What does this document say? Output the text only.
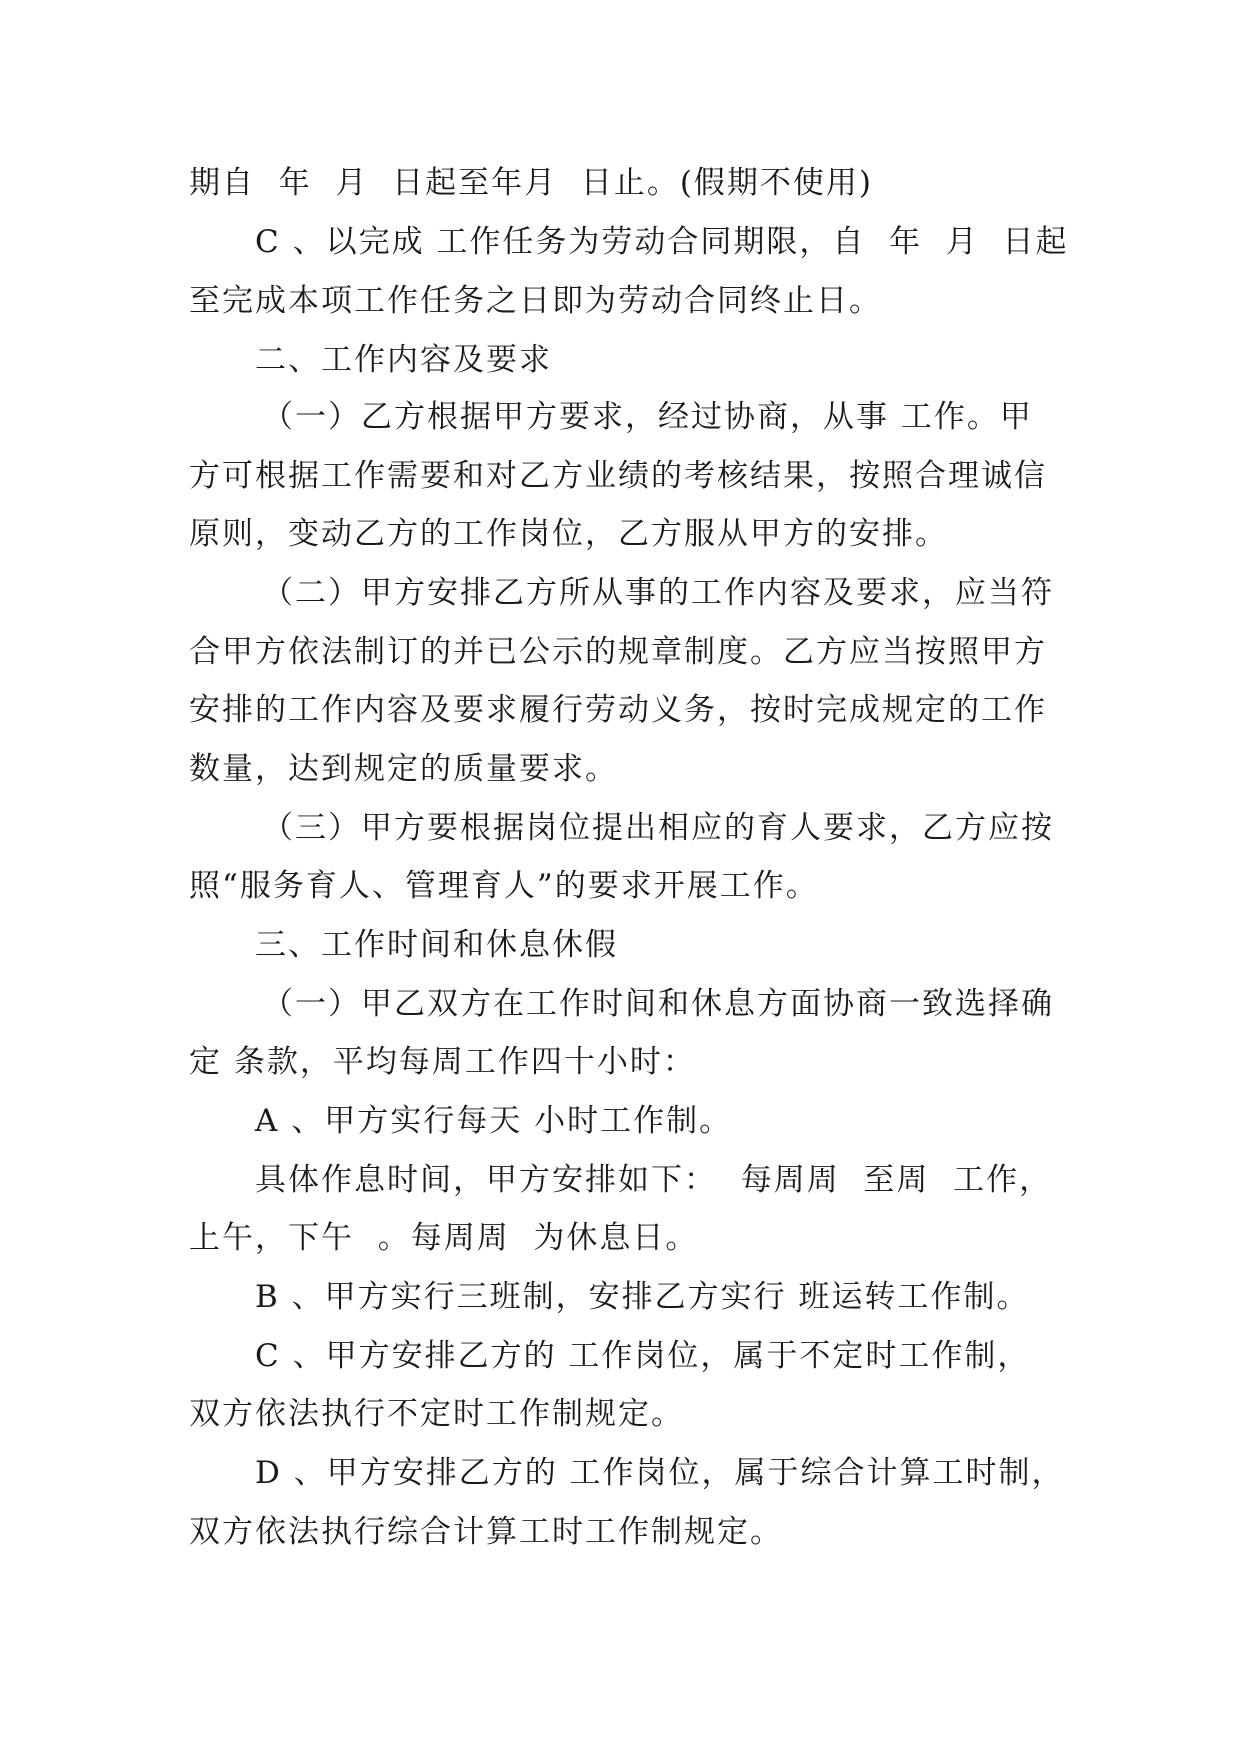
期自  年  月  日起至年月  日止。(假期不使用)
C 、以完成 工作任务为劳动合同期限，自  年  月  日起
至完成本项工作任务之日即为劳动合同终止日。
二、工作内容及要求
（一）乙方根据甲方要求，经过协商，从事 工作。甲
方可根据工作需要和对乙方业绩的考核结果，按照合理诚信
原则，变动乙方的工作岗位，乙方服从甲方的安排。
（二）甲方安排乙方所从事的工作内容及要求，应当符
合甲方依法制订的并已公示的规章制度。乙方应当按照甲方
安排的工作内容及要求履行劳动义务，按时完成规定的工作
数量，达到规定的质量要求。
（三）甲方要根据岗位提出相应的育人要求，乙方应按
照“服务育人、管理育人”的要求开展工作。
三、工作时间和休息休假
（一）甲乙双方在工作时间和休息方面协商一致选择确
定 条款，平均每周工作四十小时：
A 、甲方实行每天 小时工作制。
具体作息时间，甲方安排如下：  每周周  至周  工作，
上午，下午  。每周周  为休息日。
B 、甲方实行三班制，安排乙方实行 班运转工作制。
C 、甲方安排乙方的 工作岗位，属于不定时工作制，
双方依法执行不定时工作制规定。
D 、甲方安排乙方的 工作岗位，属于综合计算工时制，
双方依法执行综合计算工时工作制规定。
